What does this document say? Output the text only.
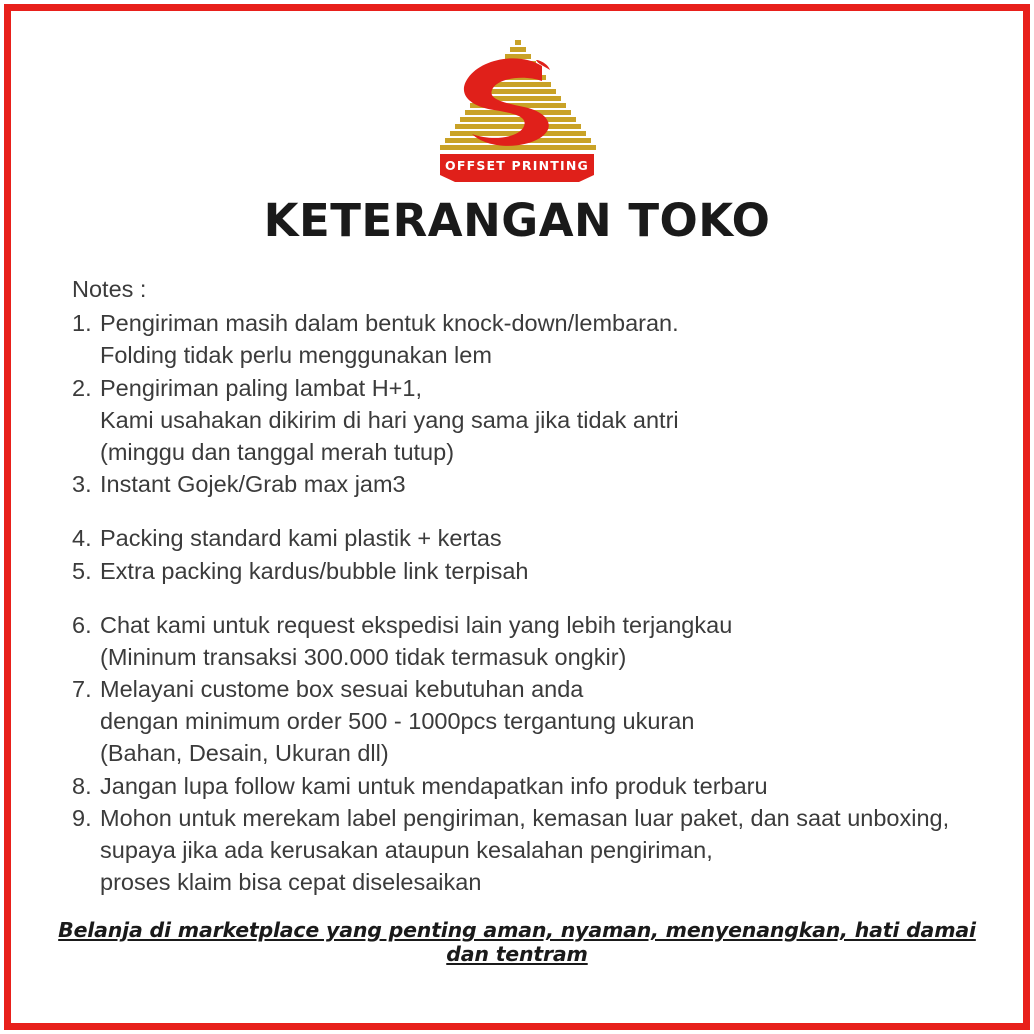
OFFSET PRINTING
KETERANGAN TOKO
Notes :
1. Pengiriman masih dalam bentuk knock-down/lembaran.
Folding tidak perlu menggunakan lem
2. Pengiriman paling lambat H+1,
Kami usahakan dikirim di hari yang sama jika tidak antri
(minggu dan tanggal merah tutup)
3. Instant Gojek/Grab max jam3
4. Packing standard kami plastik + kertas
5. Extra packing kardus/bubble link terpisah
6. Chat kami untuk request ekspedisi lain yang lebih terjangkau
(Mininum transaksi 300.000 tidak termasuk ongkir)
7. Melayani custome box sesuai kebutuhan anda
dengan minimum order 500 - 1000pcs tergantung ukuran
(Bahan, Desain, Ukuran dll)
8. Jangan lupa follow kami untuk mendapatkan info produk terbaru
9. Mohon untuk merekam label pengiriman, kemasan luar paket, dan saat unboxing,
supaya jika ada kerusakan ataupun kesalahan pengiriman,
proses klaim bisa cepat diselesaikan
Belanja di marketplace yang penting aman, nyaman, menyenangkan, hati damai dan tentram
